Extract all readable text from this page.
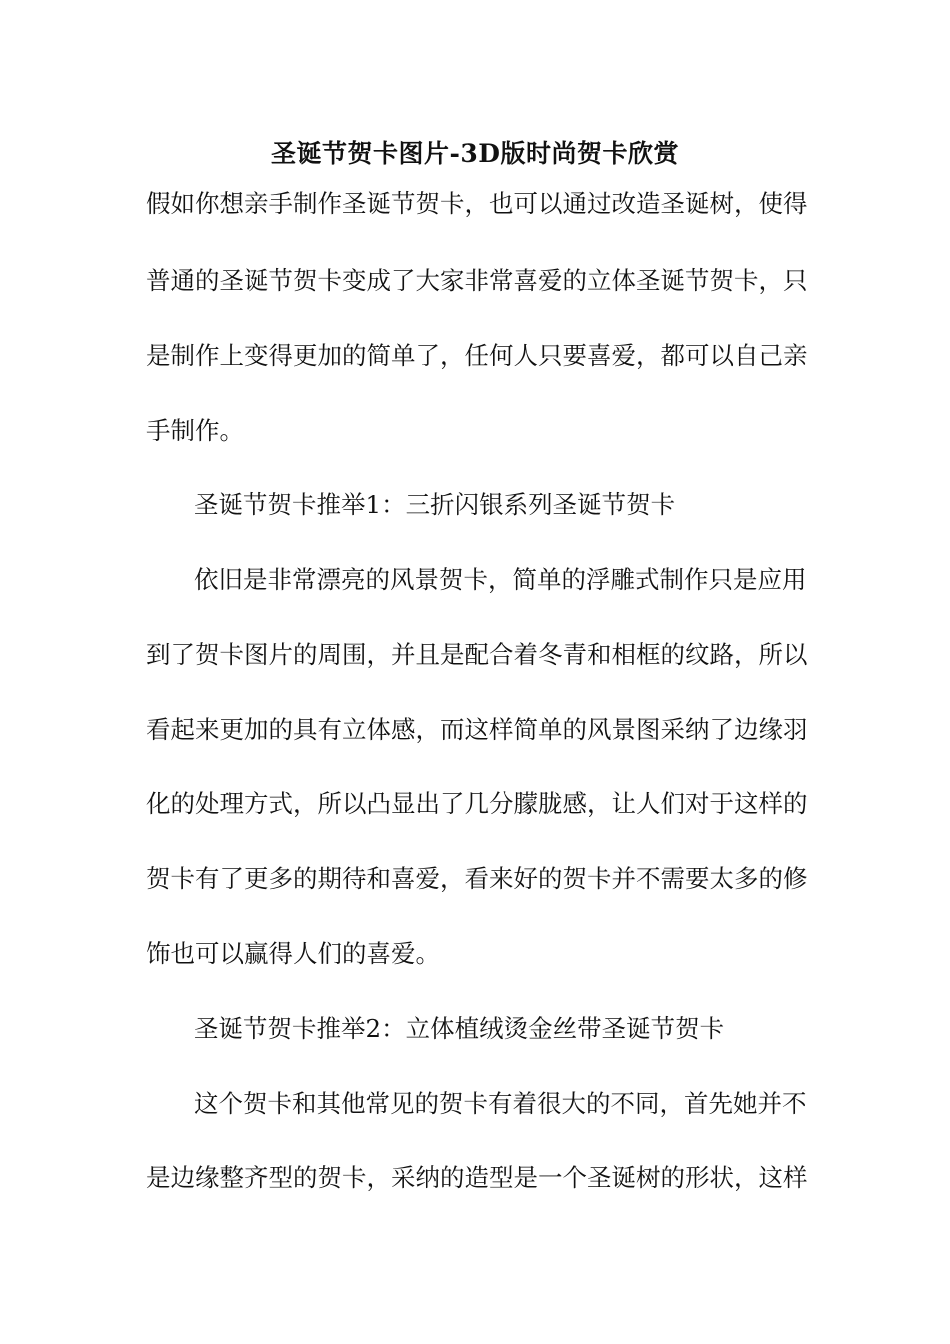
圣诞节贺卡图片-3D版时尚贺卡欣赏
假如你想亲手制作圣诞节贺卡，也可以通过改造圣诞树，使得
普通的圣诞节贺卡变成了大家非常喜爱的立体圣诞节贺卡，只
是制作上变得更加的简单了，任何人只要喜爱，都可以自己亲
手制作。
圣诞节贺卡推举1：三折闪银系列圣诞节贺卡
依旧是非常漂亮的风景贺卡，简单的浮雕式制作只是应用
到了贺卡图片的周围，并且是配合着冬青和相框的纹路，所以
看起来更加的具有立体感，而这样简单的风景图采纳了边缘羽
化的处理方式，所以凸显出了几分朦胧感，让人们对于这样的
贺卡有了更多的期待和喜爱，看来好的贺卡并不需要太多的修
饰也可以赢得人们的喜爱。
圣诞节贺卡推举2：立体植绒烫金丝带圣诞节贺卡
这个贺卡和其他常见的贺卡有着很大的不同，首先她并不
是边缘整齐型的贺卡，采纳的造型是一个圣诞树的形状，这样
